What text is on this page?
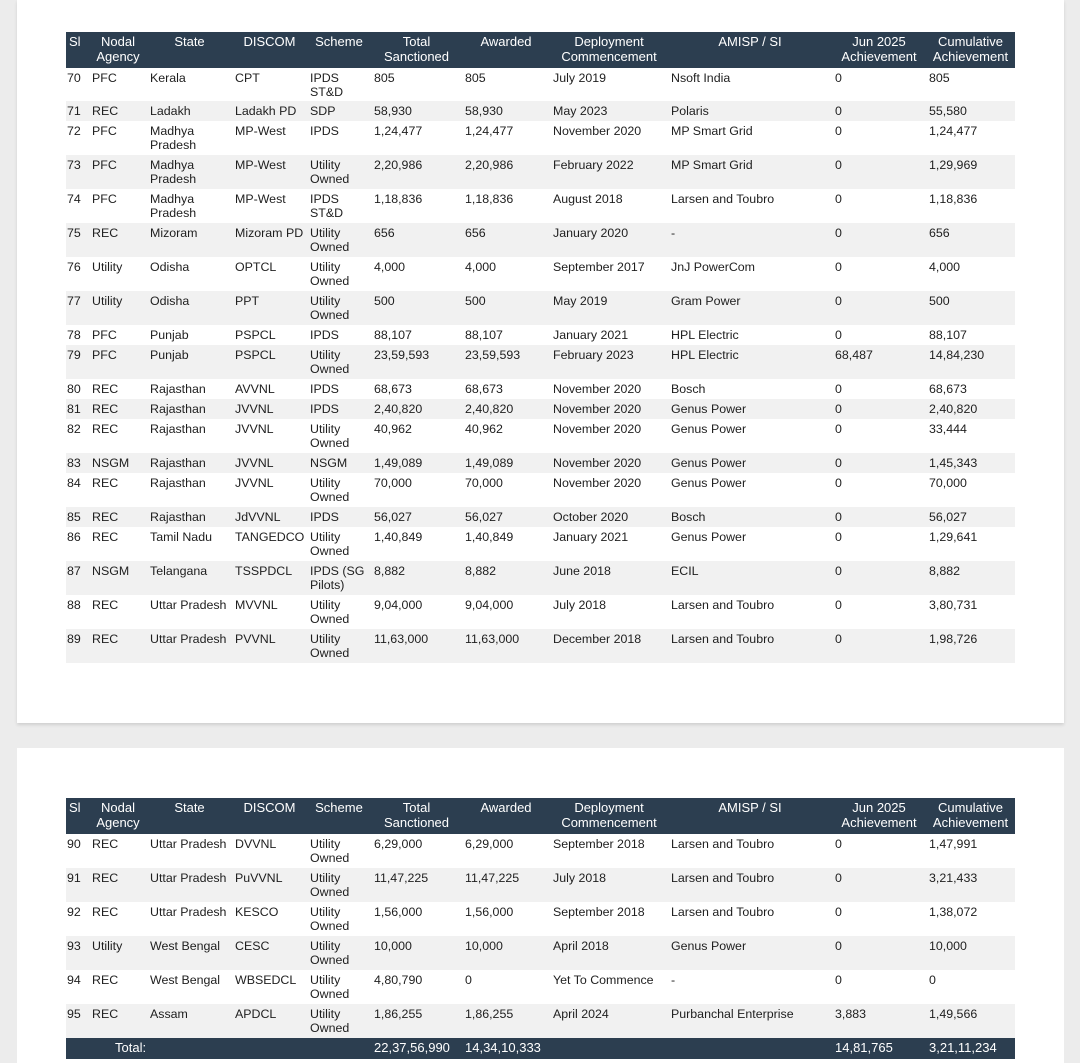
Sl	Nodal Agency	State	DISCOM	Scheme	Total Sanctioned	Awarded	Deployment Commencement	AMISP / SI	Jun 2025 Achievement	Cumulative Achievement
70	PFC	Kerala	CPT	IPDS ST&D	805	805	July 2019	Nsoft India	0	805
71	REC	Ladakh	Ladakh PD	SDP	58,930	58,930	May 2023	Polaris	0	55,580
72	PFC	Madhya Pradesh	MP-West	IPDS	1,24,477	1,24,477	November 2020	MP Smart Grid	0	1,24,477
73	PFC	Madhya Pradesh	MP-West	Utility Owned	2,20,986	2,20,986	February 2022	MP Smart Grid	0	1,29,969
74	PFC	Madhya Pradesh	MP-West	IPDS ST&D	1,18,836	1,18,836	August 2018	Larsen and Toubro	0	1,18,836
75	REC	Mizoram	Mizoram PD	Utility Owned	656	656	January 2020	-	0	656
76	Utility	Odisha	OPTCL	Utility Owned	4,000	4,000	September 2017	JnJ PowerCom	0	4,000
77	Utility	Odisha	PPT	Utility Owned	500	500	May 2019	Gram Power	0	500
78	PFC	Punjab	PSPCL	IPDS	88,107	88,107	January 2021	HPL Electric	0	88,107
79	PFC	Punjab	PSPCL	Utility Owned	23,59,593	23,59,593	February 2023	HPL Electric	68,487	14,84,230
80	REC	Rajasthan	AVVNL	IPDS	68,673	68,673	November 2020	Bosch	0	68,673
81	REC	Rajasthan	JVVNL	IPDS	2,40,820	2,40,820	November 2020	Genus Power	0	2,40,820
82	REC	Rajasthan	JVVNL	Utility Owned	40,962	40,962	November 2020	Genus Power	0	33,444
83	NSGM	Rajasthan	JVVNL	NSGM	1,49,089	1,49,089	November 2020	Genus Power	0	1,45,343
84	REC	Rajasthan	JVVNL	Utility Owned	70,000	70,000	November 2020	Genus Power	0	70,000
85	REC	Rajasthan	JdVVNL	IPDS	56,027	56,027	October 2020	Bosch	0	56,027
86	REC	Tamil Nadu	TANGEDCO	Utility Owned	1,40,849	1,40,849	January 2021	Genus Power	0	1,29,641
87	NSGM	Telangana	TSSPDCL	IPDS (SG Pilots)	8,882	8,882	June 2018	ECIL	0	8,882
88	REC	Uttar Pradesh	MVVNL	Utility Owned	9,04,000	9,04,000	July 2018	Larsen and Toubro	0	3,80,731
89	REC	Uttar Pradesh	PVVNL	Utility Owned	11,63,000	11,63,000	December 2018	Larsen and Toubro	0	1,98,726
Sl	Nodal Agency	State	DISCOM	Scheme	Total Sanctioned	Awarded	Deployment Commencement	AMISP / SI	Jun 2025 Achievement	Cumulative Achievement
90	REC	Uttar Pradesh	DVVNL	Utility Owned	6,29,000	6,29,000	September 2018	Larsen and Toubro	0	1,47,991
91	REC	Uttar Pradesh	PuVVNL	Utility Owned	11,47,225	11,47,225	July 2018	Larsen and Toubro	0	3,21,433
92	REC	Uttar Pradesh	KESCO	Utility Owned	1,56,000	1,56,000	September 2018	Larsen and Toubro	0	1,38,072
93	Utility	West Bengal	CESC	Utility Owned	10,000	10,000	April 2018	Genus Power	0	10,000
94	REC	West Bengal	WBSEDCL	Utility Owned	4,80,790	0	Yet To Commence	-	0	0
95	REC	Assam	APDCL	Utility Owned	1,86,255	1,86,255	April 2024	Purbanchal Enterprise	3,883	1,49,566
	Total:				22,37,56,990	14,34,10,333			14,81,765	3,21,11,234
